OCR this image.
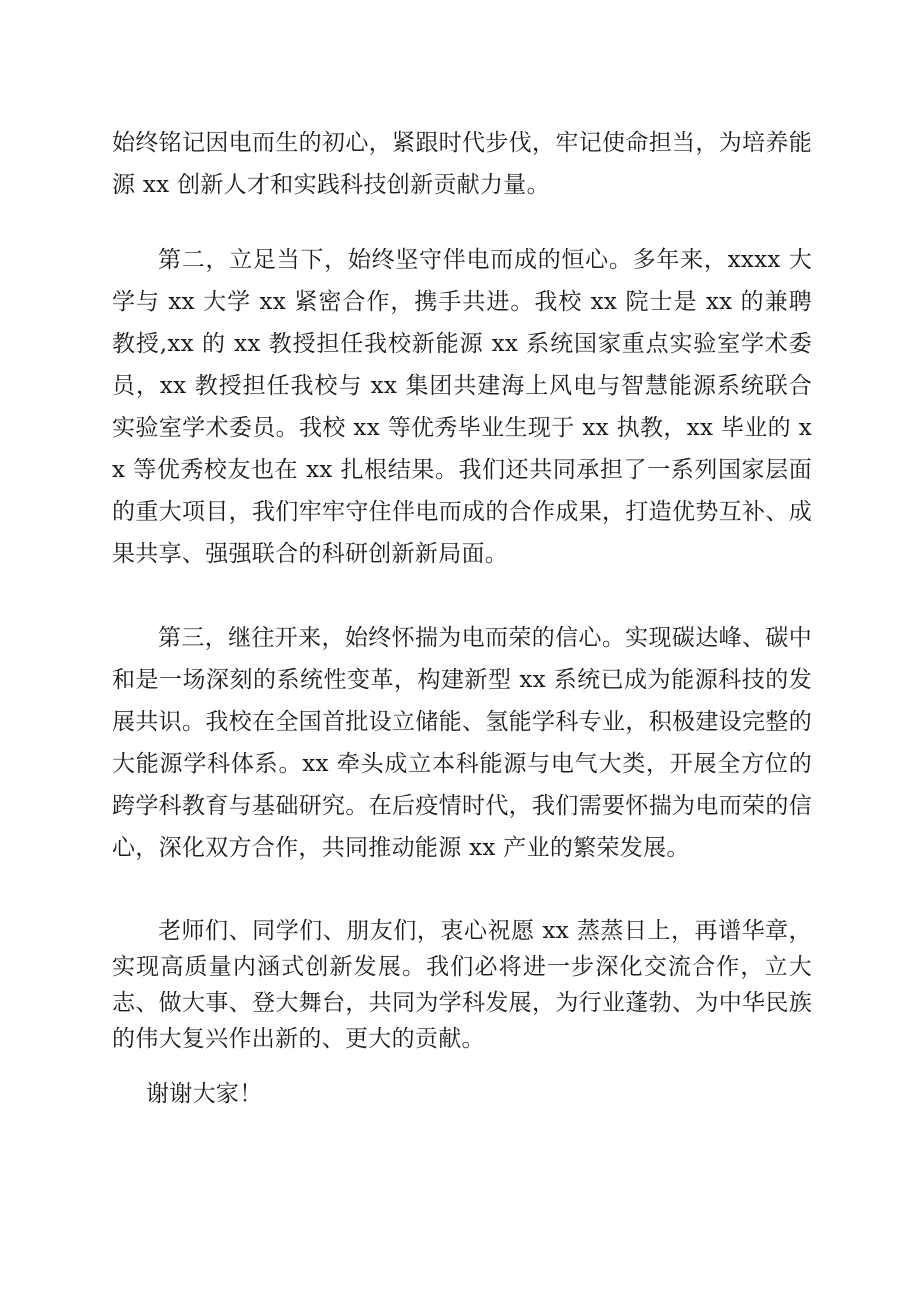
始终铭记因电而生的初心，紧跟时代步伐，牢记使命担当，为培养能源 xx 创新人才和实践科技创新贡献力量。

第二，立足当下，始终坚守伴电而成的恒心。多年来，xxxx 大学与 xx 大学 xx 紧密合作，携手共进。我校 xx 院士是 xx 的兼聘教授,xx 的 xx 教授担任我校新能源 xx 系统国家重点实验室学术委员，xx 教授担任我校与 xx 集团共建海上风电与智慧能源系统联合实验室学术委员。我校 xx 等优秀毕业生现于 xx 执教，xx 毕业的 xx 等优秀校友也在 xx 扎根结果。我们还共同承担了一系列国家层面的重大项目，我们牢牢守住伴电而成的合作成果，打造优势互补、成果共享、强强联合的科研创新新局面。

第三，继往开来，始终怀揣为电而荣的信心。实现碳达峰、碳中和是一场深刻的系统性变革，构建新型 xx 系统已成为能源科技的发展共识。我校在全国首批设立储能、氢能学科专业，积极建设完整的大能源学科体系。xx 牵头成立本科能源与电气大类，开展全方位的跨学科教育与基础研究。在后疫情时代，我们需要怀揣为电而荣的信心，深化双方合作，共同推动能源 xx 产业的繁荣发展。

老师们、同学们、朋友们，衷心祝愿 xx 蒸蒸日上，再谱华章，实现高质量内涵式创新发展。我们必将进一步深化交流合作，立大志、做大事、登大舞台，共同为学科发展，为行业蓬勃、为中华民族的伟大复兴作出新的、更大的贡献。

谢谢大家！
